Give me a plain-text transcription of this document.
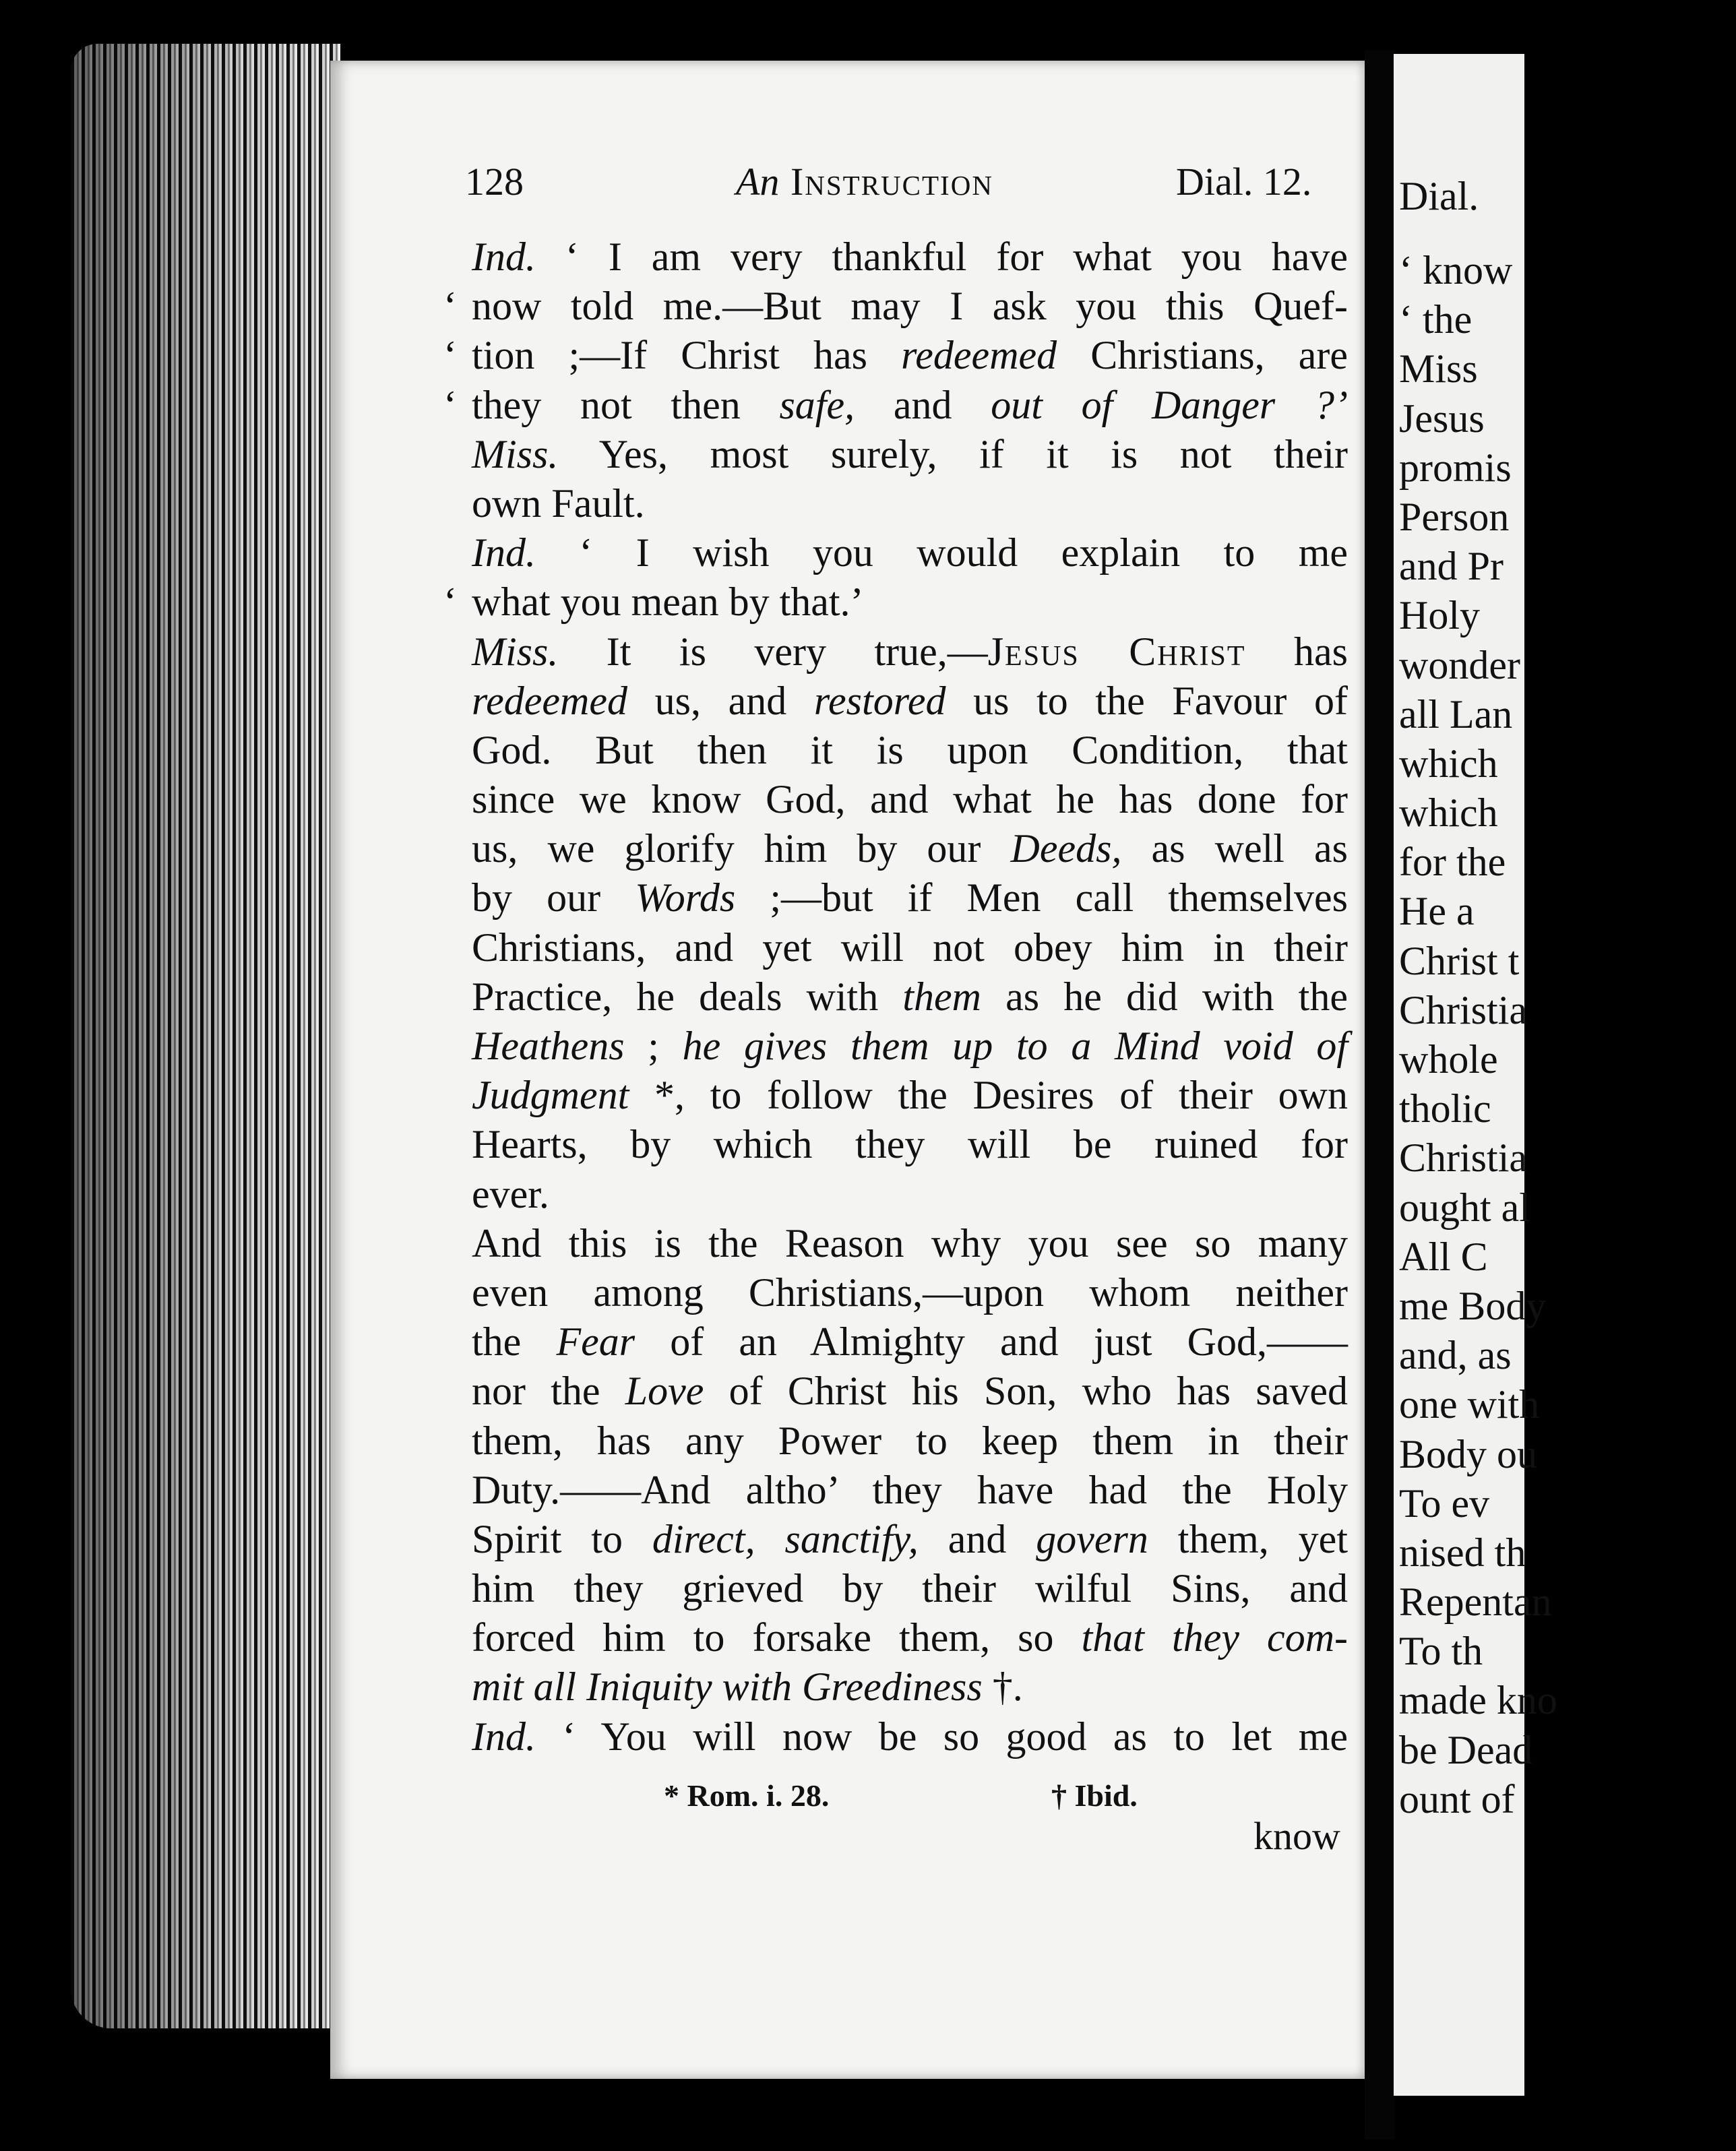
128	An Instruction	Dial. 12.
Ind. ‘ I am very thankful for what you have
now told me.—But may I ask you this Quef-
tion ;—If Christ has redeemed Christians, are
they not then safe, and out of Danger ?’
Miss. Yes, most surely, if it is not their
own Fault.
Ind. ‘ I wish you would explain to me
what you mean by that.’
Miss. It is very true,—Jesus Christ has
redeemed us, and restored us to the Favour of
God. But then it is upon Condition, that
since we know God, and what he has done for
us, we glorify him by our Deeds, as well as
by our Words ;—but if Men call themselves
Christians, and yet will not obey him in their
Practice, he deals with them as he did with the
Heathens ; he gives them up to a Mind void of
Judgment *, to follow the Desires of their own
Hearts, by which they will be ruined for
ever.
And this is the Reason why you see so many
even among Christians,—upon whom neither
the Fear of an Almighty and just God,——
nor the Love of Christ his Son, who has saved
them, has any Power to keep them in their
Duty.——And altho’ they have had the Holy
Spirit to direct, sanctify, and govern them, yet
him they grieved by their wilful Sins, and
forced him to forsake them, so that they com-
mit all Iniquity with Greediness †.
Ind. ‘ You will now be so good as to let me
* Rom. i. 28.	† Ibid.
know
Dial.
‘ know
‘ the
Miss
Jesus
promis
Person
and Pr
Holy
wonder
all Lan
which
which
for the
He a
Christ t
Christia
whole
tholic
Christia
ought al
All C
me Body
and, as
one with
Body ou
To ev
nised th
Repentan
To th
made kno
be Dead
ount of
